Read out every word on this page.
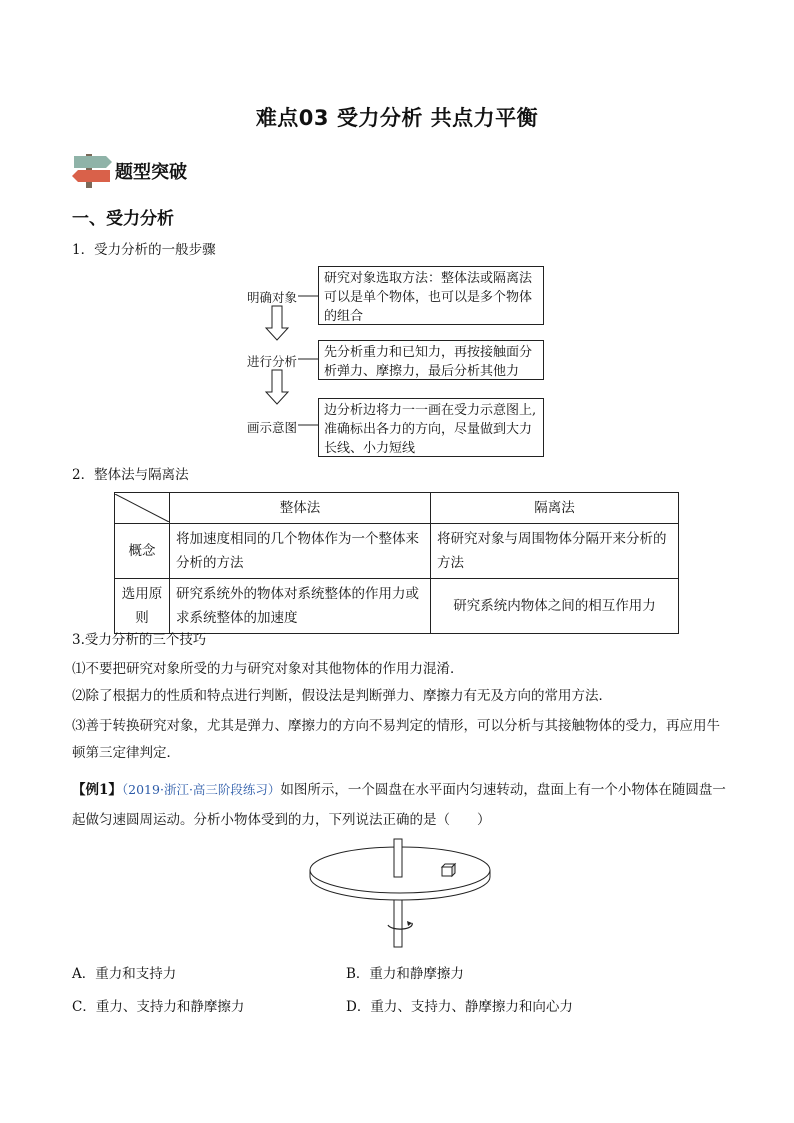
难点03 受力分析 共点力平衡
题型突破
一、受力分析
1．受力分析的一般步骤
明确对象
研究对象选取方法：整体法或隔离法可以是单个物体，也可以是多个物体的组合
进行分析
先分析重力和已知力，再按接触面分析弹力、摩擦力，最后分析其他力
画示意图
边分析边将力一一画在受力示意图上,准确标出各力的方向，尽量做到大力长线、小力短线
2．整体法与隔离法
	整体法	隔离法
概念	将加速度相同的几个物体作为一个整体来分析的方法	将研究对象与周围物体分隔开来分析的方法
选用原则	研究系统外的物体对系统整体的作用力或求系统整体的加速度	研究系统内物体之间的相互作用力
3.受力分析的三个技巧
⑴不要把研究对象所受的力与研究对象对其他物体的作用力混淆．
⑵除了根据力的性质和特点进行判断，假设法是判断弹力、摩擦力有无及方向的常用方法．
⑶善于转换研究对象，尤其是弹力、摩擦力的方向不易判定的情形，可以分析与其接触物体的受力，再应用牛顿第三定律判定．
【例1】（2019·浙江·高三阶段练习）如图所示，一个圆盘在水平面内匀速转动，盘面上有一个小物体在随圆盘一起做匀速圆周运动。分析小物体受到的力，下列说法正确的是（　　）
A．重力和支持力	B．重力和静摩擦力
C．重力、支持力和静摩擦力	D．重力、支持力、静摩擦力和向心力
